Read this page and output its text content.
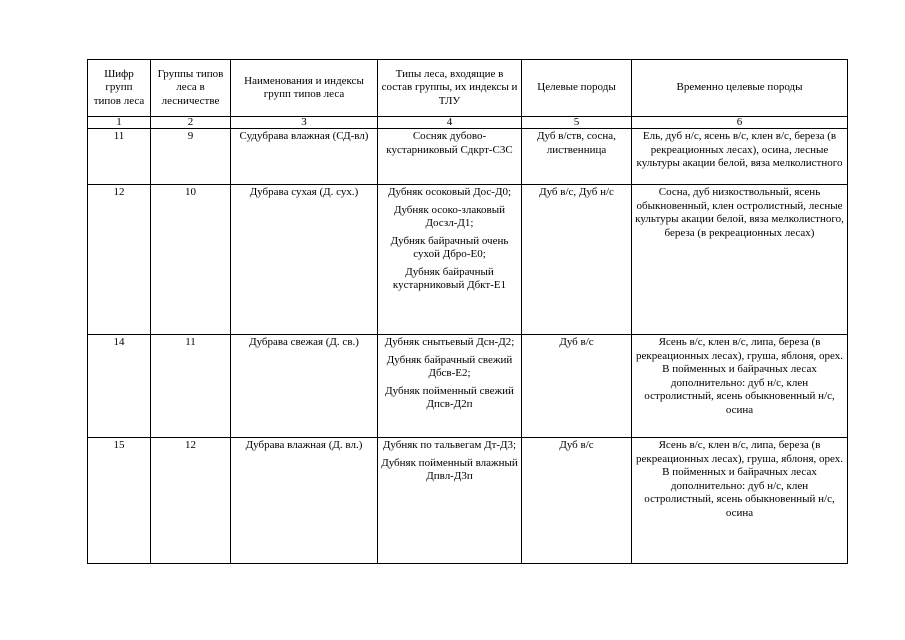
Шифр групп типов леса	Группы типов леса в лесничестве	Наименования и индексы групп типов леса	Типы леса, входящие в состав группы, их индексы и ТЛУ	Целевые породы	Временно целевые породы
1	2	3	4	5	6
11	9	Судубрава влажная (СД-вл)	Сосняк дубово-кустарниковый Сдкрт-С3С	Дуб в/ств, сосна, лиственница	Ель, дуб н/с, ясень в/с, клен в/с, береза (в рекреационных лесах), осина, лесные культуры акации белой, вяза мелколистного
12	10	Дубрава сухая (Д. сух.)	Дубняк осоковый Дос-Д0;
Дубняк осоко-злаковый Досзл-Д1;
Дубняк байрачный очень сухой Дбро-Е0;
Дубняк байрачный кустарниковый Дбкт-Е1	Дуб в/с, Дуб н/с	Сосна, дуб низкоствольный, ясень обыкновенный, клен остролистный, лесные культуры акации белой, вяза мелколистного, береза (в рекреационных лесах)
14	11	Дубрава свежая (Д. св.)	Дубняк снытьевый Дсн-Д2;
Дубняк байрачный свежий Дбсв-Е2;
Дубняк пойменный свежий Дпсв-Д2п	Дуб в/с	Ясень в/с, клен в/с, липа, береза (в рекреационных лесах), груша, яблоня, орех. В пойменных и байрачных лесах дополнительно: дуб н/с, клен остролистный, ясень обыкновенный н/с, осина
15	12	Дубрава влажная (Д. вл.)	Дубняк по тальвегам Дт-Д3;
Дубняк пойменный влажный Дпвл-Д3п	Дуб в/с	Ясень в/с, клен в/с, липа, береза (в рекреационных лесах), груша, яблоня, орех. В пойменных и байрачных лесах дополнительно: дуб н/с, клен остролистный, ясень обыкновенный н/с, осина
